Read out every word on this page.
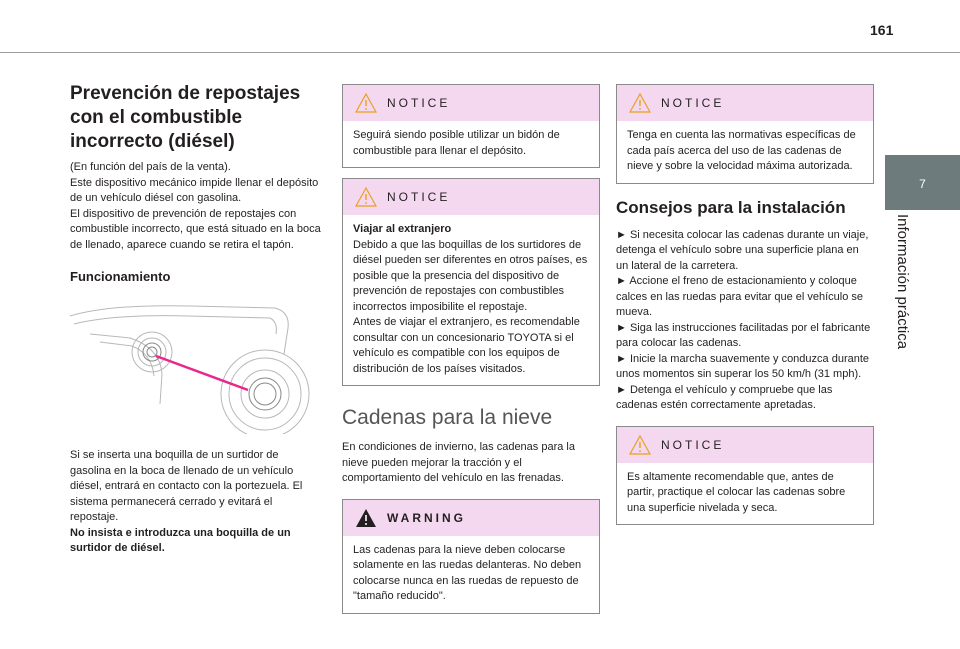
161
7
Información práctica
Prevención de repostajes con el combustible incorrecto (diésel)

(En función del país de la venta).

Este dispositivo mecánico impide llenar el depósito de un vehículo diésel con gasolina.

El dispositivo de prevención de repostajes con combustible incorrecto, que está situado en la boca de llenado, aparece cuando se retira el tapón.

Funcionamiento

Si se inserta una boquilla de un surtidor de gasolina en la boca de llenado de un vehículo diésel, entrará en contacto con la portezuela. El sistema permanecerá cerrado y evitará el repostaje.

No insista e introduzca una boquilla de un surtidor de diésel.

NOTICE
Seguirá siendo posible utilizar un bidón de combustible para llenar el depósito.
NOTICE
Viajar al extranjero
Debido a que las boquillas de los surtidores de diésel pueden ser diferentes en otros países, es posible que la presencia del dispositivo de prevención de repostajes con combustibles incorrectos imposibilite el repostaje.
Antes de viajar el extranjero, es recomendable consultar con un concesionario TOYOTA si el vehículo es compatible con los equipos de distribución de los países visitados.
Cadenas para la nieve

En condiciones de invierno, las cadenas para la nieve pueden mejorar la tracción y el comportamiento del vehículo en las frenadas.

WARNING
Las cadenas para la nieve deben colocarse solamente en las ruedas delanteras. No deben colocarse nunca en las ruedas de repuesto de "tamaño reducido".
NOTICE
Tenga en cuenta las normativas específicas de cada país acerca del uso de las cadenas de nieve y sobre la velocidad máxima autorizada.
Consejos para la instalación

► Si necesita colocar las cadenas durante un viaje, detenga el vehículo sobre una superficie plana en un lateral de la carretera.

► Accione el freno de estacionamiento y coloque calces en las ruedas para evitar que el vehículo se mueva.

► Siga las instrucciones facilitadas por el fabricante para colocar las cadenas.

► Inicie la marcha suavemente y conduzca durante unos momentos sin superar los 50 km/h (31 mph).

► Detenga el vehículo y compruebe que las cadenas estén correctamente apretadas.

NOTICE
Es altamente recomendable que, antes de partir, practique el colocar las cadenas sobre una superficie nivelada y seca.
